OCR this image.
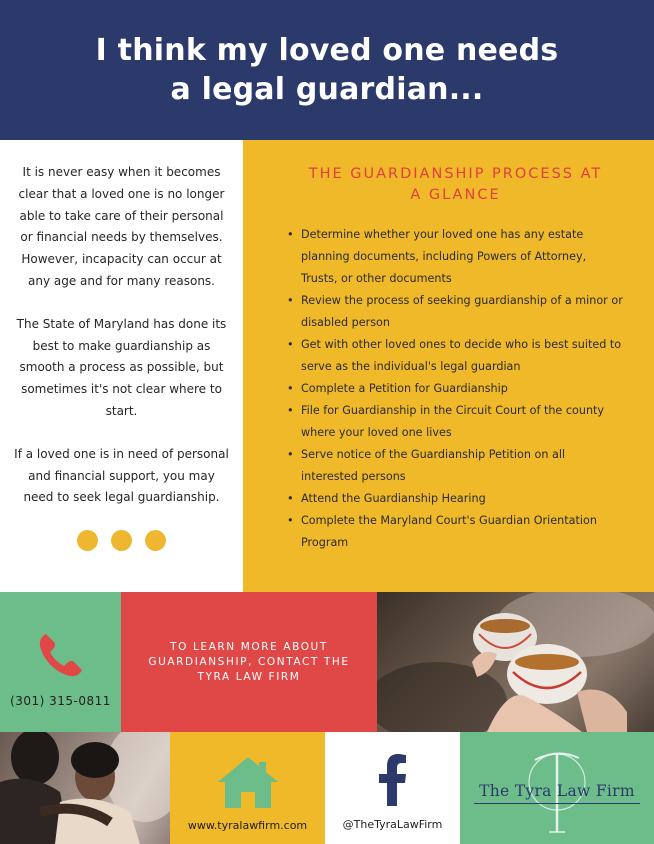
I think my loved one needs
a legal guardian...

It is never easy when it becomes clear that a loved one is no longer able to take care of their personal or financial needs by themselves. However, incapacity can occur at any age and for many reasons.

The State of Maryland has done its best to make guardianship as smooth a process as possible, but sometimes it's not clear where to start.

If a loved one is in need of personal and financial support, you may need to seek legal guardianship.

THE GUARDIANSHIP PROCESS AT
A GLANCE
• Determine whether your loved one has any estate planning documents, including Powers of Attorney, Trusts, or other documents
• Review the process of seeking guardianship of a minor or disabled person
• Get with other loved ones to decide who is best suited to serve as the individual's legal guardian
• Complete a Petition for Guardianship
• File for Guardianship in the Circuit Court of the county where your loved one lives
• Serve notice of the Guardianship Petition on all interested persons
• Attend the Guardianship Hearing
• Complete the Maryland Court's Guardian Orientation Program
(301) 315-0811
TO LEARN MORE ABOUT
GUARDIANSHIP, CONTACT THE
TYRA LAW FIRM
www.tyralawfirm.com	@TheTyraLawFirm
The Tyra Law Firm
